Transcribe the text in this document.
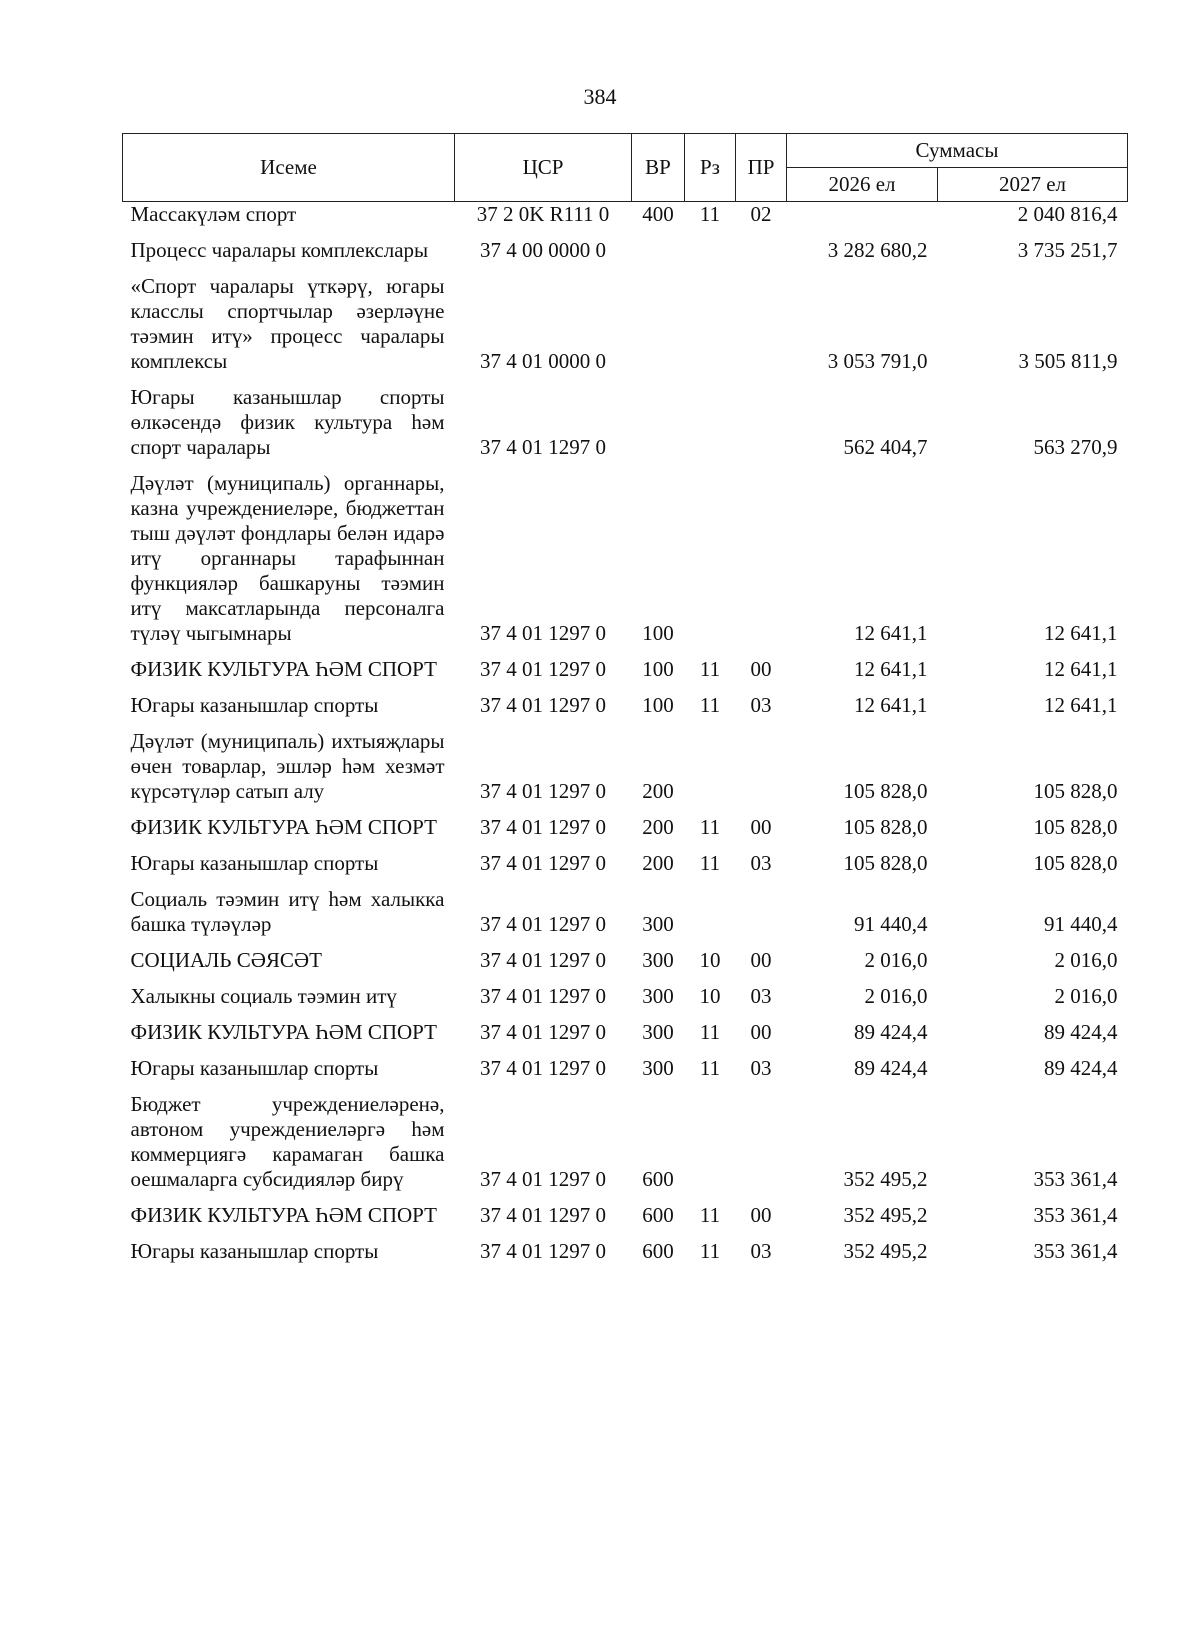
384
Исеме	ЦСР	ВР	Рз	ПР	Суммасы	
					2026 ел	2027 ел
Массакүләм спорт	37 2 0K R111 0	400	11	02		2 040 816,4
Процесс чаралары комплекслары	37 4 00 0000 0				3 282 680,2	3 735 251,7
«Спорт чаралары үткәрү, югары класслы спортчылар әзерләүне тәэмин итү» процесс чаралары комплексы	37 4 01 0000 0				3 053 791,0	3 505 811,9
Югары казанышлар спорты өлкәсендә физик культура һәм спорт чаралары	37 4 01 1297 0				562 404,7	563 270,9
Дәүләт (муниципаль) органнары, казна учреждениеләре, бюджеттан тыш дәүләт фондлары белән идарә итү органнары тарафыннан функцияләр башкаруны тәэмин итү максатларында персоналга түләү чыгымнары	37 4 01 1297 0	100			12 641,1	12 641,1
ФИЗИК КУЛЬТУРА ҺӘМ СПОРТ	37 4 01 1297 0	100	11	00	12 641,1	12 641,1
Югары казанышлар спорты	37 4 01 1297 0	100	11	03	12 641,1	12 641,1
Дәүләт (муниципаль) ихтыяҗлары өчен товарлар, эшләр һәм хезмәт күрсәтүләр сатып алу	37 4 01 1297 0	200			105 828,0	105 828,0
ФИЗИК КУЛЬТУРА ҺӘМ СПОРТ	37 4 01 1297 0	200	11	00	105 828,0	105 828,0
Югары казанышлар спорты	37 4 01 1297 0	200	11	03	105 828,0	105 828,0
Социаль тәэмин итү һәм халыкка башка түләүләр	37 4 01 1297 0	300			91 440,4	91 440,4
СОЦИАЛЬ СӘЯСӘТ	37 4 01 1297 0	300	10	00	2 016,0	2 016,0
Халыкны социаль тәэмин итү	37 4 01 1297 0	300	10	03	2 016,0	2 016,0
ФИЗИК КУЛЬТУРА ҺӘМ СПОРТ	37 4 01 1297 0	300	11	00	89 424,4	89 424,4
Югары казанышлар спорты	37 4 01 1297 0	300	11	03	89 424,4	89 424,4
Бюджет учреждениеләренә, автоном учреждениеләргә һәм коммерциягә карамаган башка оешмаларга субсидияләр бирү	37 4 01 1297 0	600			352 495,2	353 361,4
ФИЗИК КУЛЬТУРА ҺӘМ СПОРТ	37 4 01 1297 0	600	11	00	352 495,2	353 361,4
Югары казанышлар спорты	37 4 01 1297 0	600	11	03	352 495,2	353 361,4
